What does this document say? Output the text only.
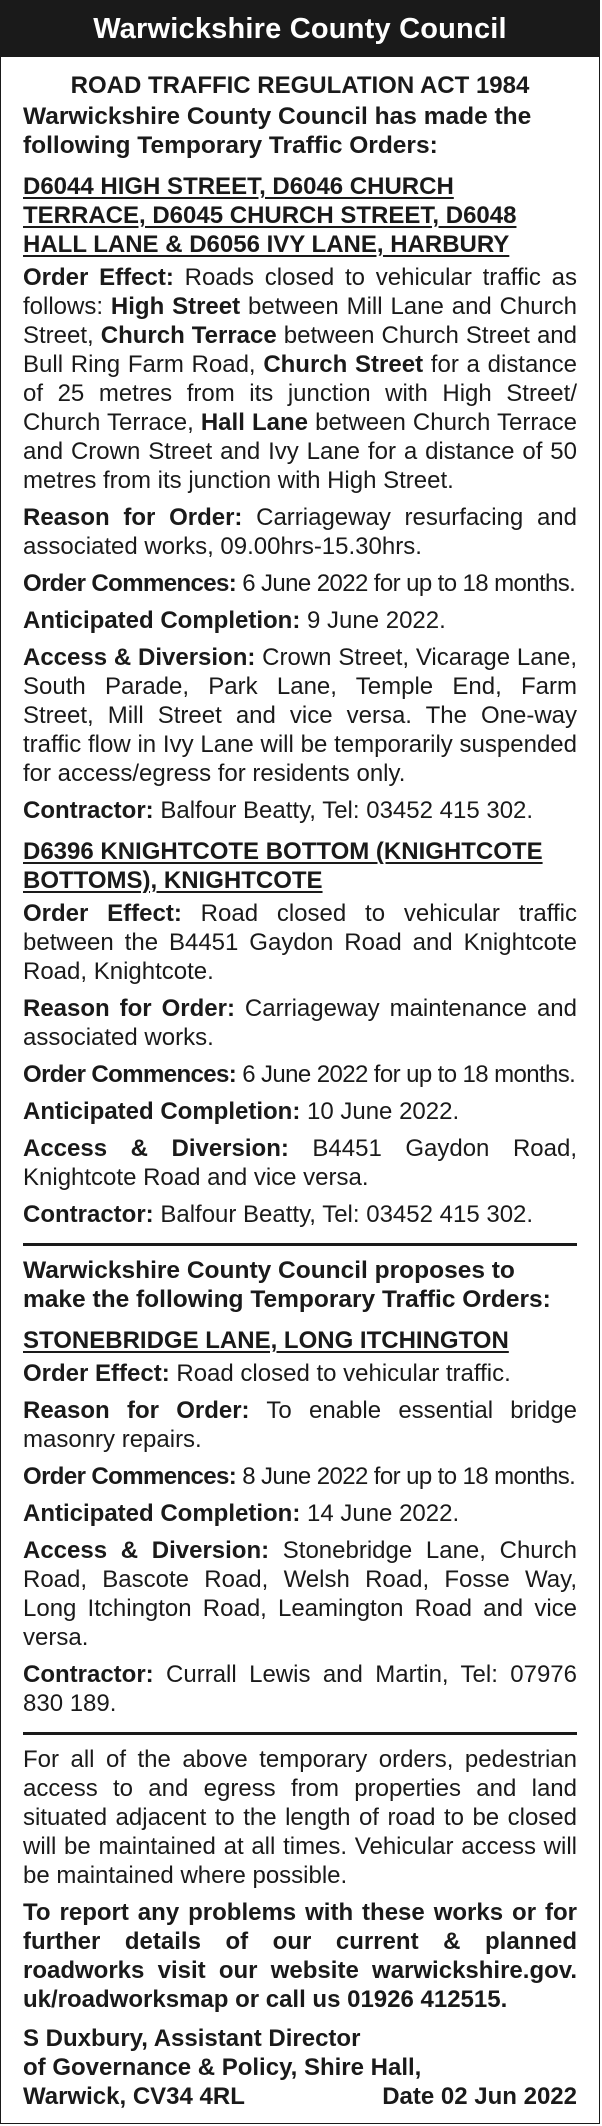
Warwickshire County Council

ROAD TRAFFIC REGULATION ACT 1984

Warwickshire County Council has made the following Temporary Traffic Orders:

D6044 HIGH STREET, D6046 CHURCH TERRACE, D6045 CHURCH STREET, D6048 HALL LANE & D6056 IVY LANE, HARBURY

Order Effect: Roads closed to vehicular traffic as follows: High Street between Mill Lane and Church Street, Church Terrace between Church Street and Bull Ring Farm Road, Church Street for a distance of 25 metres from its junction with High Street/ Church Terrace, Hall Lane between Church Terrace and Crown Street and Ivy Lane for a distance of 50 metres from its junction with High Street.

Reason for Order: Carriageway resurfacing and associated works, 09.00hrs-15.30hrs.

Order Commences: 6 June 2022 for up to 18 months.

Anticipated Completion: 9 June 2022.

Access & Diversion: Crown Street, Vicarage Lane, South Parade, Park Lane, Temple End, Farm Street, Mill Street and vice versa. The One-way traffic flow in Ivy Lane will be temporarily suspended for access/egress for residents only.

Contractor: Balfour Beatty, Tel: 03452 415 302.

D6396 KNIGHTCOTE BOTTOM (KNIGHTCOTE BOTTOMS), KNIGHTCOTE

Order Effect: Road closed to vehicular traffic between the B4451 Gaydon Road and Knightcote Road, Knightcote.

Reason for Order: Carriageway maintenance and associated works.

Order Commences: 6 June 2022 for up to 18 months.

Anticipated Completion: 10 June 2022.

Access & Diversion: B4451 Gaydon Road, Knightcote Road and vice versa.

Contractor: Balfour Beatty, Tel: 03452 415 302.

Warwickshire County Council proposes to make the following Temporary Traffic Orders:

STONEBRIDGE LANE, LONG ITCHINGTON

Order Effect: Road closed to vehicular traffic.

Reason for Order: To enable essential bridge masonry repairs.

Order Commences: 8 June 2022 for up to 18 months.

Anticipated Completion: 14 June 2022.

Access & Diversion: Stonebridge Lane, Church Road, Bascote Road, Welsh Road, Fosse Way, Long Itchington Road, Leamington Road and vice versa.

Contractor: Currall Lewis and Martin, Tel: 07976 830 189.

For all of the above temporary orders, pedestrian access to and egress from properties and land situated adjacent to the length of road to be closed will be maintained at all times. Vehicular access will be maintained where possible.

To report any problems with these works or for further details of our current & planned roadworks visit our website warwickshire.gov. uk/roadworksmap or call us 01926 412515.

S Duxbury, Assistant Director

of Governance & Policy, Shire Hall,

Warwick, CV34 4RL	Date 02 Jun 2022
